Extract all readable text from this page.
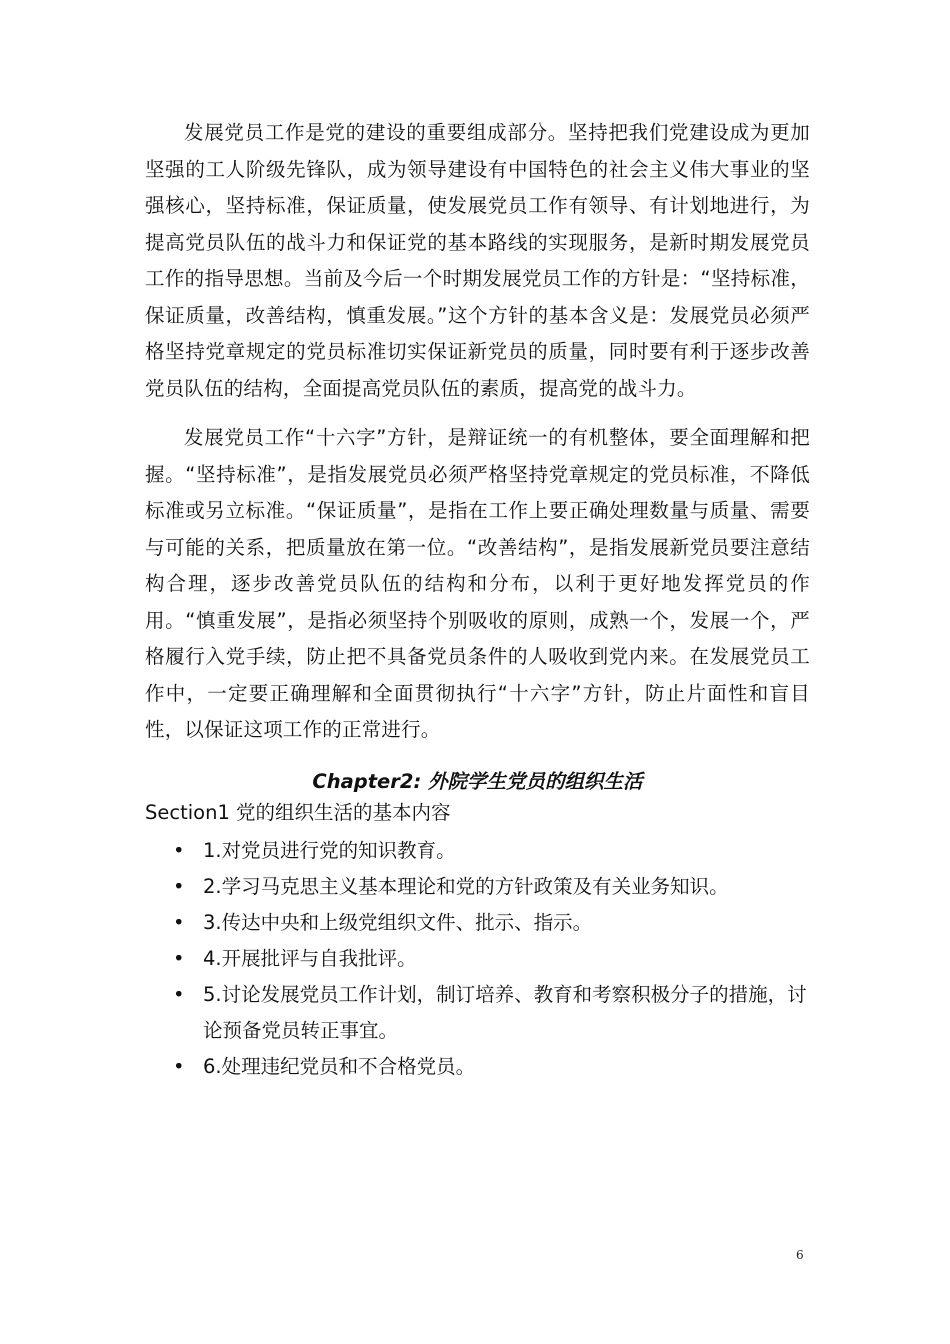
发展党员工作是党的建设的重要组成部分。坚持把我们党建设成为更加坚强的工人阶级先锋队，成为领导建设有中国特色的社会主义伟大事业的坚强核心，坚持标准，保证质量，使发展党员工作有领导、有计划地进行，为提高党员队伍的战斗力和保证党的基本路线的实现服务，是新时期发展党员工作的指导思想。当前及今后一个时期发展党员工作的方针是：“坚持标准，保证质量，改善结构，慎重发展。”这个方针的基本含义是：发展党员必须严格坚持党章规定的党员标准切实保证新党员的质量，同时要有利于逐步改善党员队伍的结构，全面提高党员队伍的素质，提高党的战斗力。

发展党员工作“十六字”方针，是辩证统一的有机整体，要全面理解和把握。“坚持标准”，是指发展党员必须严格坚持党章规定的党员标准，不降低标准或另立标准。“保证质量”，是指在工作上要正确处理数量与质量、需要与可能的关系，把质量放在第一位。“改善结构”，是指发展新党员要注意结构合理，逐步改善党员队伍的结构和分布，以利于更好地发挥党员的作用。“慎重发展”，是指必须坚持个别吸收的原则，成熟一个，发展一个，严格履行入党手续，防止把不具备党员条件的人吸收到党内来。在发展党员工作中，一定要正确理解和全面贯彻执行“十六字”方针，防止片面性和盲目性，以保证这项工作的正常进行。

Chapter2: 外院学生党员的组织生活
Section1 党的组织生活的基本内容
• 1.对党员进行党的知识教育。
• 2.学习马克思主义基本理论和党的方针政策及有关业务知识。
• 3.传达中央和上级党组织文件、批示、指示。
• 4.开展批评与自我批评。
• 5.讨论发展党员工作计划，制订培养、教育和考察积极分子的措施，讨论预备党员转正事宜。
• 6.处理违纪党员和不合格党员。
6
